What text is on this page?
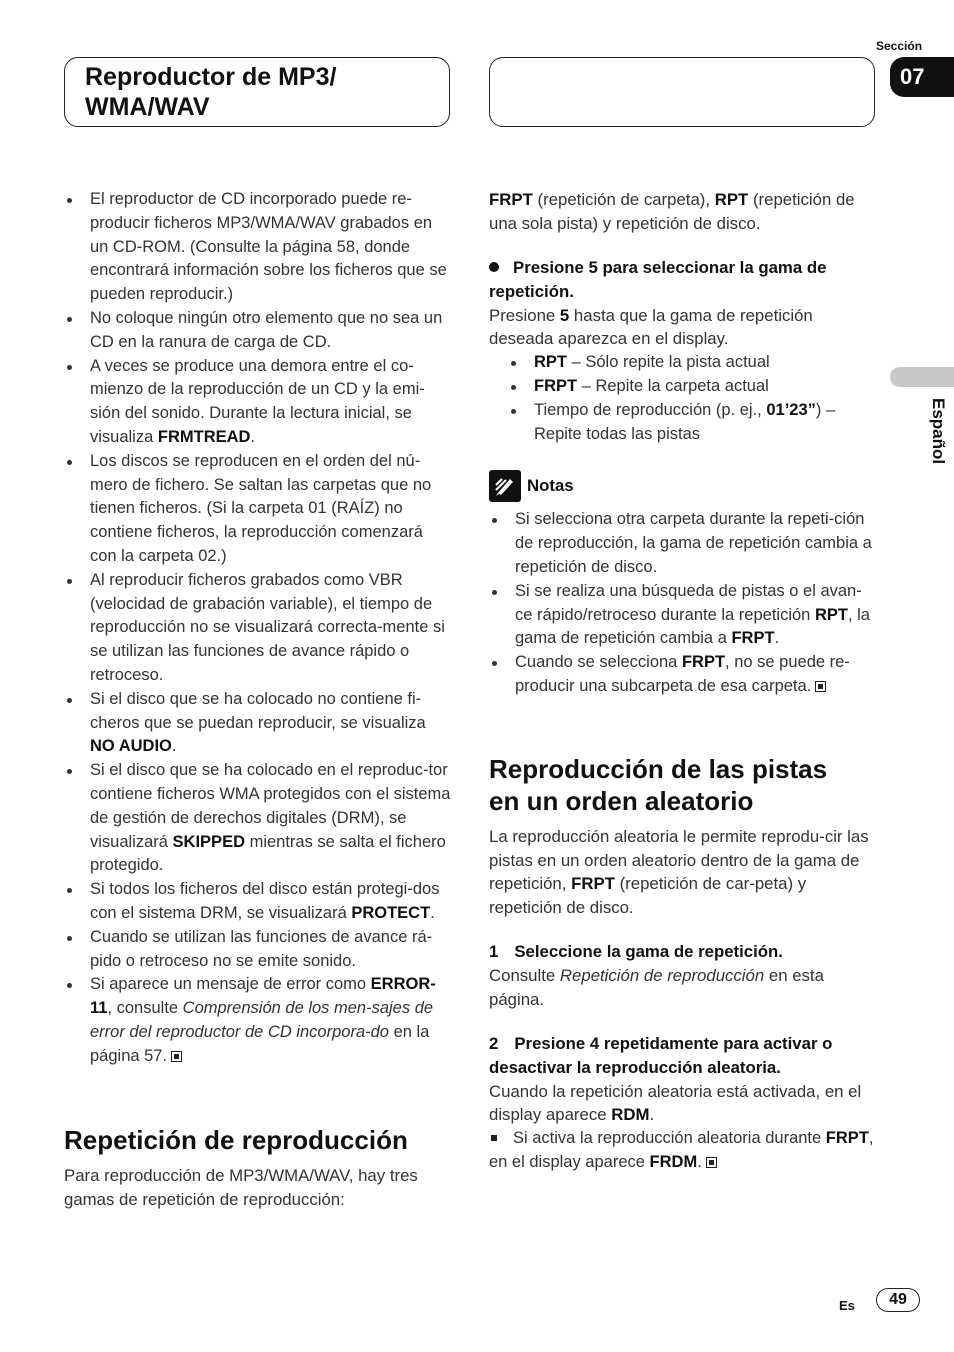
Reproductor de MP3/
WMA/WAV
Sección
07
Español
El reproductor de CD incorporado puede re-producir ficheros MP3/WMA/WAV grabados en un CD-ROM. (Consulte la página 58, donde encontrará información sobre los ficheros que se pueden reproducir.)
No coloque ningún otro elemento que no sea un CD en la ranura de carga de CD.
A veces se produce una demora entre el co-mienzo de la reproducción de un CD y la emi-sión del sonido. Durante la lectura inicial, se visualiza FRMTREAD.
Los discos se reproducen en el orden del nú-mero de fichero. Se saltan las carpetas que no tienen ficheros. (Si la carpeta 01 (RAÍZ) no contiene ficheros, la reproducción comenzará con la carpeta 02.)
Al reproducir ficheros grabados como VBR (velocidad de grabación variable), el tiempo de reproducción no se visualizará correcta-mente si se utilizan las funciones de avance rápido o retroceso.
Si el disco que se ha colocado no contiene fi-cheros que se puedan reproducir, se visualiza NO AUDIO.
Si el disco que se ha colocado en el reproduc-tor contiene ficheros WMA protegidos con el sistema de gestión de derechos digitales (DRM), se visualizará SKIPPED mientras se salta el fichero protegido.
Si todos los ficheros del disco están protegi-dos con el sistema DRM, se visualizará PROTECT.
Cuando se utilizan las funciones de avance rá-pido o retroceso no se emite sonido.
Si aparece un mensaje de error como ERROR-11, consulte Comprensión de los men-sajes de error del reproductor de CD incorpora-do en la página 57.
Repetición de reproducción

Para reproducción de MP3/WMA/WAV, hay tres gamas de repetición de reproducción:

FRPT (repetición de carpeta), RPT (repetición de una sola pista) y repetición de disco.

Presione 5 para seleccionar la gama de repetición.

Presione 5 hasta que la gama de repetición deseada aparezca en el display.

RPT – Sólo repite la pista actual
FRPT – Repite la carpeta actual
Tiempo de reproducción (p. ej., 01’23”) – Repite todas las pistas
Notas
Si selecciona otra carpeta durante la repeti-ción de reproducción, la gama de repetición cambia a repetición de disco.
Si se realiza una búsqueda de pistas o el avan-ce rápido/retroceso durante la repetición RPT, la gama de repetición cambia a FRPT.
Cuando se selecciona FRPT, no se puede re-producir una subcarpeta de esa carpeta.
Reproducción de las pistas
en un orden aleatorio

La reproducción aleatoria le permite reprodu-cir las pistas en un orden aleatorio dentro de la gama de repetición, FRPT (repetición de car-peta) y repetición de disco.

1 Seleccione la gama de repetición.

Consulte Repetición de reproducción en esta página.

2 Presione 4 repetidamente para activar o desactivar la reproducción aleatoria.

Cuando la repetición aleatoria está activada, en el display aparece RDM.

Si activa la reproducción aleatoria durante FRPT, en el display aparece FRDM.

Es	49
